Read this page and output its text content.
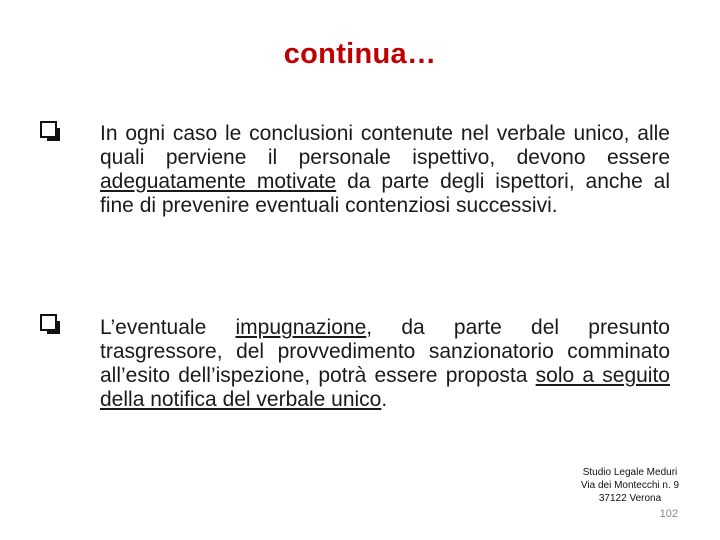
continua…
In ogni caso le conclusioni contenute nel verbale unico, alle quali perviene il personale ispettivo, devono essere adeguatamente motivate da parte degli ispettori, anche al fine di prevenire eventuali contenziosi successivi.
L’eventuale impugnazione, da parte del presunto trasgressore, del provvedimento sanzionatorio comminato all’esito dell’ispezione, potrà essere proposta solo a seguito della notifica del verbale unico.
Studio Legale Meduri
Via dei Montecchi n. 9
37122 Verona
102
